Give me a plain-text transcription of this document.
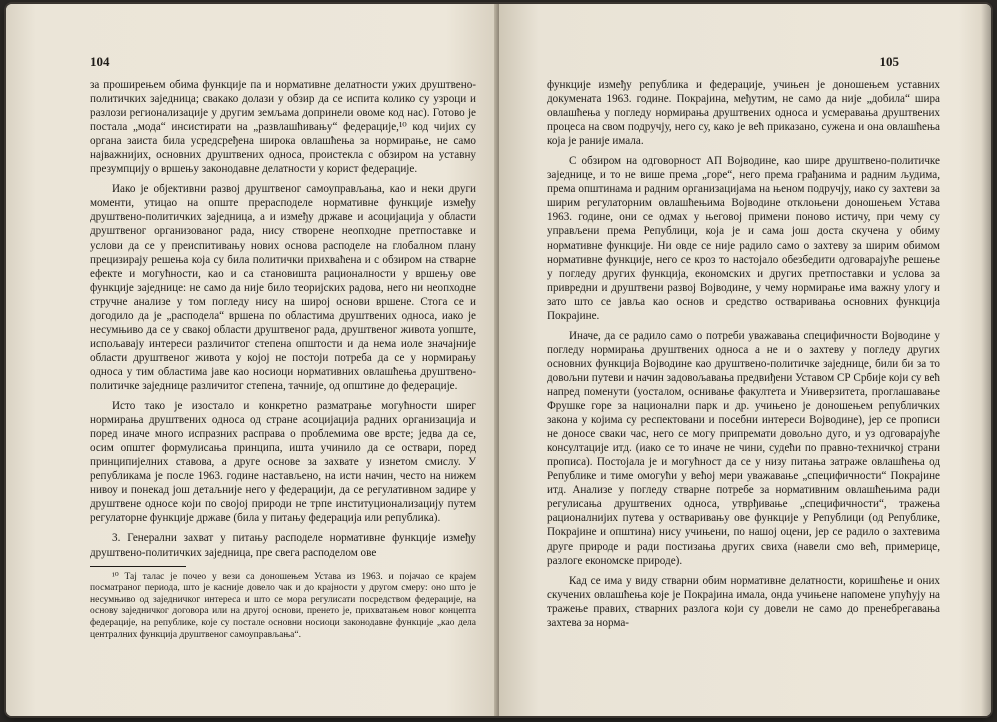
104

за проширењем обима функције па и нормативне делатности ужих друштвено-политичких заједница; свакако долази у обзир да се испита колико су узроци и разлози регионализације у другим земљама допринели овоме код нас). Готово је постала „мода“ инсистирати на „развлашћивању“ федерације,¹⁰ код чијих су органа заиста била усредсређена широка овлашћења за нормирање, не само најважнијих, основних друштвених односа, проистекла с обзиром на уставну презумпцију о вршењу законодавне делатности у корист федерације.

Иако је објективни развој друштвеног самоуправљања, као и неки други моменти, утицао на опште прерасподеле нормативне функције између друштвено-политичких заједница, а и између државе и асоцијација у области друштвеног организованог рада, нису створене неопходне претпоставке и услови да се у преиспитивању нових основа расподеле на глобалном плану прецизирају решења која су била политички прихваћена и с обзиром на стварне ефекте и могућности, као и са становишта рационалности у вршењу ове функције заједнице: не само да није било теоријских радова, него ни неопходне стручне анализе у том погледу нису на широј основи вршене. Стога се и догодило да је „расподела“ вршена по областима друштвених односа, иако је несумњиво да се у свакој области друштвеног рада, друштвеног живота уопште, испољавају интереси различитог степена општости и да нема иоле значајније области друштвеног живота у којој не постоји потреба да се у нормирању односа у тим областима јаве као носиоци нормативних овлашћења друштвено-политичке заједнице различитог степена, тачније, од општине до федерације.

Исто тако је изостало и конкретно разматрање могућности ширег нормирања друштвених односа од стране асоцијација радних организација и поред иначе много испразних расправа о проблемима ове врсте; једва да се, осим општег формулисања принципа, ишта учинило да се оствари, поред принципијелних ставова, а друге основе за захвате у изнетом смислу. У републикама је после 1963. године настављено, на исти начин, често на нижем нивоу и понекад још детаљније него у федерацији, да се регулативном задире у друштвене односе који по својој природи не трпе институционализацију путем регулаторне функције државе (била у питању федерација или република).

3. Генерални захват у питању расподеле нормативне функције између друштвено-политичких заједница, пре свега расподелом ове

¹⁰ Тај талас је почео у вези са доношењем Устава из 1963. и појачао се крајем посматраног периода, што је касније довело чак и до крајности у другом смеру: оно што је несумњиво од заједничког интереса и што се мора регулисати посредством федерације, на основу заједничког договора или на другој основи, пренето је, прихватањем новог концепта федерације, на републике, које су постале основни носиоци законодавне функције „као дела централних функција друштвеног самоуправљања“.

105

функције између република и федерације, учињен је доношењем уставних докумената 1963. године. Покрајина, међутим, не само да није „добила“ шира овлашћења у погледу нормирања друштвених односа и усмеравања друштвених процеса на свом подручју, него су, како је већ приказано, сужена и она овлашћења која је раније имала.

С обзиром на одговорност АП Војводине, као шире друштвено-политичке заједнице, и то не више према „горе“, него према грађанима и радним људима, према општинама и радним организацијама на њеном подручју, иако су захтеви за ширим регулаторним овлашћењима Војводине отклоњени доношењем Устава 1963. године, они се одмах у његовој примени поново истичу, при чему су управљени према Републици, која је и сама још доста скучена у обиму нормативне функције. Ни овде се није радило само о захтеву за ширим обимом нормативне функције, него се кроз то настојало обезбедити одговарајуће решење у погледу других функција, економских и других претпоставки и услова за привредни и друштвени развој Војводине, у чему нормирање има важну улогу и зато што се јавља као основ и средство остваривања основних функција Покрајине.

Иначе, да се радило само о потреби уважавања специфичности Војводине у погледу нормирања друштвених односа а не и о захтеву у погледу других основних функција Војводине као друштвено-политичке заједнице, били би за то довољни путеви и начин задовољавања предвиђени Уставом СР Србије који су већ напред поменути (уосталом, оснивање факултета и Универзитета, проглашавање Фрушке горе за национални парк и др. учињено је доношењем републичких закона у којима су респектовани и посебни интереси Војводине), јер се прописи не доносе сваки час, него се могу припремати довољно дуго, и уз одговарајуће консултације итд. (иако се то иначе не чини, судећи по правно-техничкој страни прописа). Постојала је и могућност да се у низу питања затраже овлашћења од Републике и тиме омогући у већој мери уважавање „специфичности“ Покрајине итд. Анализе у погледу стварне потребе за нормативним овлашћењима ради регулисања друштвених односа, утврђивање „специфичности“, тражења рационалнијих путева у остваривању ове функције у Републици (од Републике, Покрајине и општина) нису учињени, по нашој оцени, јер се радило о захтевима друге природе и ради постизања других свиха (навели смо већ, примерице, разлоге економске природе).

Кад се има у виду стварни обим нормативне делатности, коришћење и оних скучених овлашћења које је Покрајина имала, онда учињене напомене упућују на тражење правих, стварних разлога који су довели не само до пренебрегавања захтева за норма-
